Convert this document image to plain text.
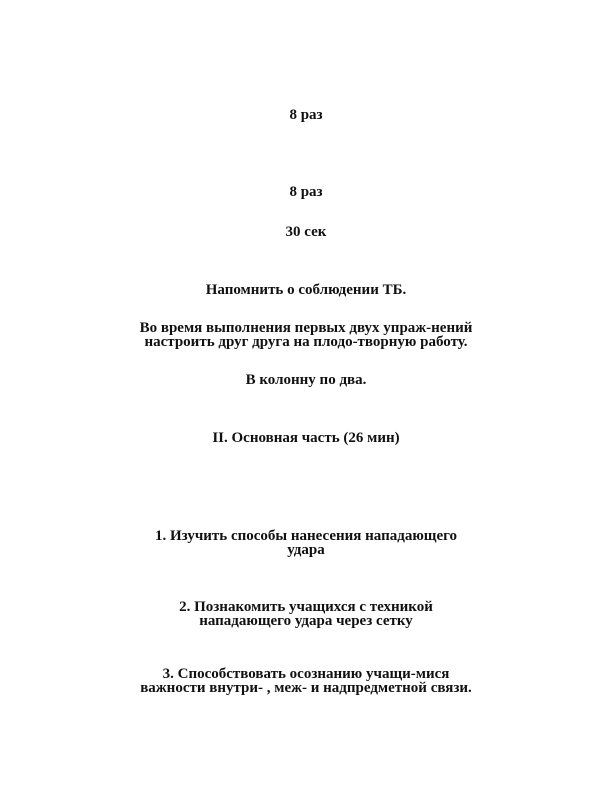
8 раз
8 раз
30 сек
Напомнить о соблюдении ТБ.
Во время выполнения первых двух упраж-нений
настроить друг друга на плодо-творную работу.
В колонну по два.
II. Основная часть (26 мин)
1. Изучить способы нанесения нападающего
удара
2. Познакомить учащихся с техникой
нападающего удара через сетку
3. Способствовать осознанию учащи-мися
важности внутри- , меж- и надпредметной связи.
